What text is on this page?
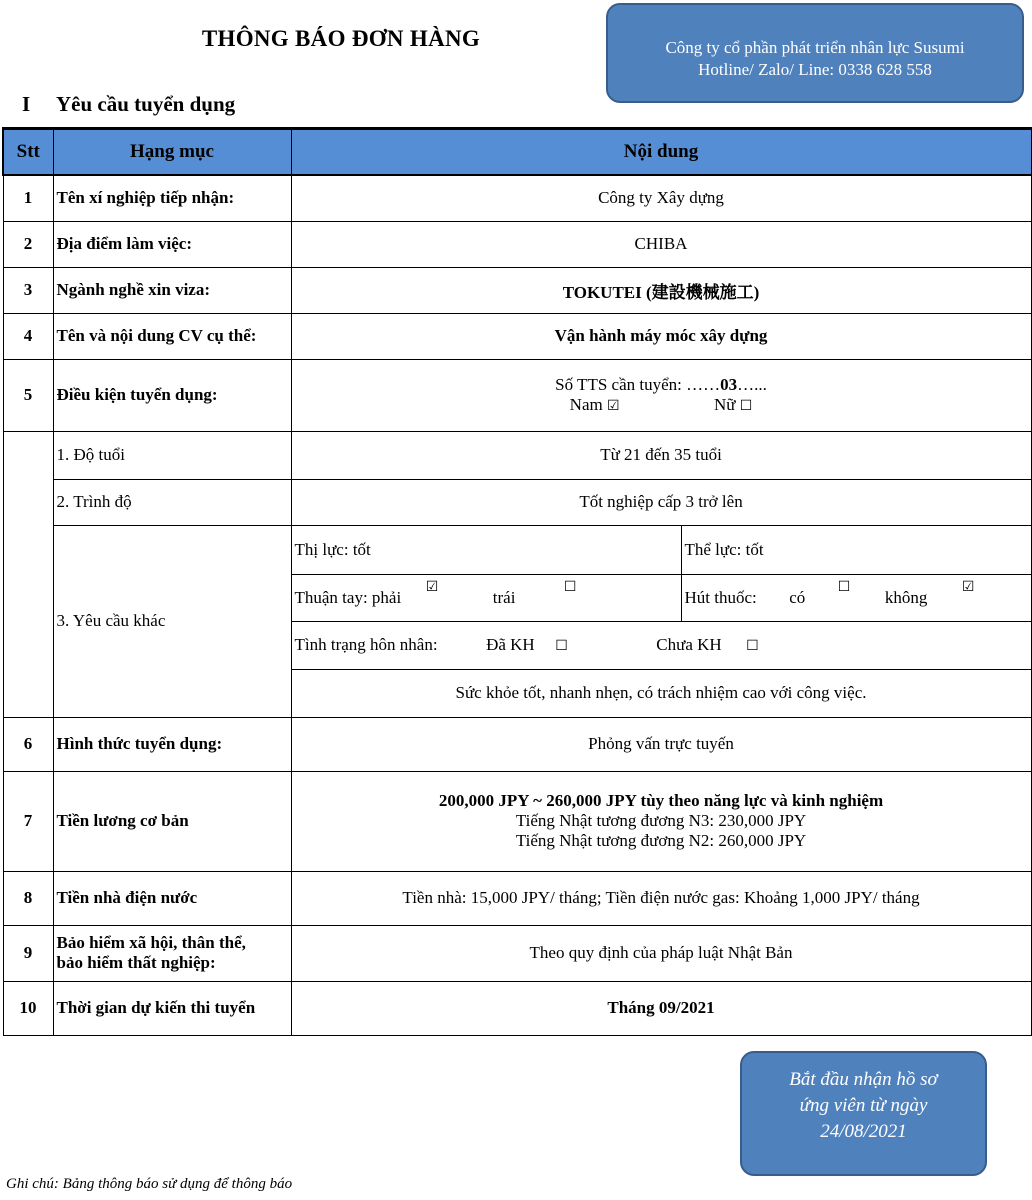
THÔNG BÁO ĐƠN HÀNG	Công ty cổ phần phát triển nhân lực Susumi
Hotline/ Zalo/ Line: 0338 628 558
I Yêu cầu tuyển dụng
Stt	Hạng mục	Nội dung	
1	Tên xí nghiệp tiếp nhận:	Công ty Xây dựng	
2	Địa điểm làm việc:	CHIBA	
3	Ngành nghề xin viza:	TOKUTEI (建設機械施工)	
4	Tên và nội dung CV cụ thể:	Vận hành máy móc xây dựng	
5	Điều kiện tuyển dụng:	Số TTS cần tuyển: ……03…...
Nam ☑ Nữ ☐	

	1. Độ tuổi	Từ 21 đến 35 tuổi	
	2. Trình độ	Tốt nghiệp cấp 3 trở lên	
	3. Yêu cầu khác	Thị lực: tốt	Thể lực: tốt
		Thuận tay: phải  ☑  trái  ☐	Hút thuốc: có  ☐  không  ☑
		Tình trạng hôn nhân: Đã KH ☐ Chưa KH ☐	
		Sức khỏe tốt, nhanh nhẹn, có trách nhiệm cao với công việc.	
6	Hình thức tuyển dụng:	Phỏng vấn trực tuyến	
7	Tiền lương cơ bản	200,000 JPY ~ 260,000 JPY tùy theo năng lực và kinh nghiệm
Tiếng Nhật tương đương N3: 230,000 JPY
Tiếng Nhật tương đương N2: 260,000 JPY	

8	Tiền nhà điện nước	Tiền nhà: 15,000 JPY/ tháng; Tiền điện nước gas: Khoảng 1,000 JPY/ tháng	
9	Bảo hiểm xã hội, thân thể,
bảo hiểm thất nghiệp:	Theo quy định của pháp luật Nhật Bản	
10	Thời gian dự kiến thi tuyển	Tháng 09/2021	
Bắt đầu nhận hồ sơ
ứng viên từ ngày
24/08/2021
Ghi chú: Bảng thông báo sử dụng để thông báo
